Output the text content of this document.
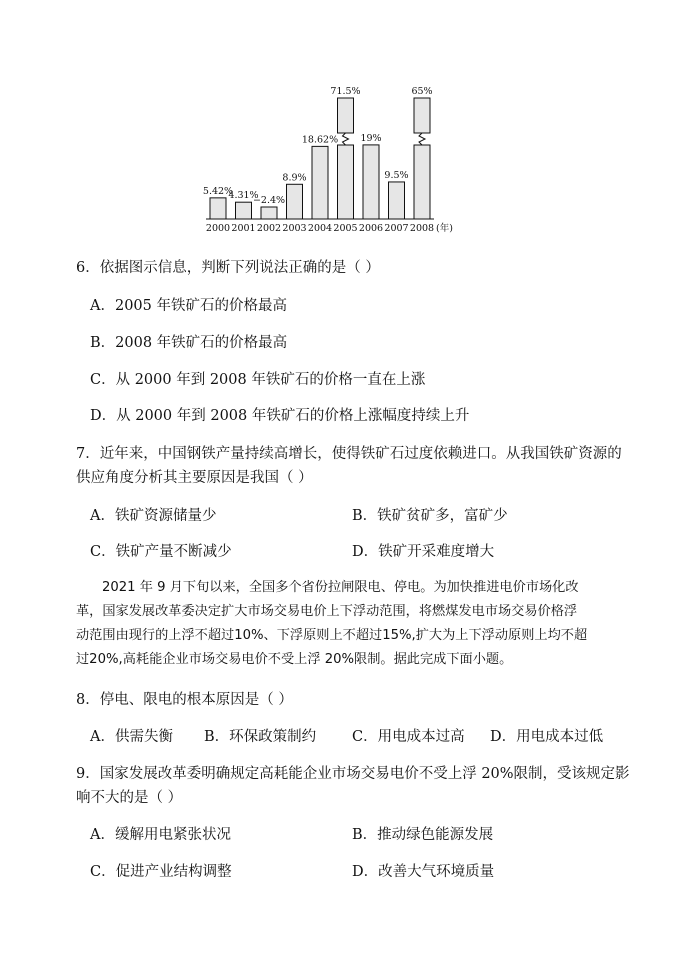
5.42%
2000
4.31%
2001
−2.4%
2002
8.9%
2003
18.62%
2004
71.5%
2005
19%
2006
9.5%
2007
65%
2008 (年)
6．依据图示信息，判断下列说法正确的是（ ）
A．2005 年铁矿石的价格最高
B．2008 年铁矿石的价格最高
C．从 2000 年到 2008 年铁矿石的价格一直在上涨
D．从 2000 年到 2008 年铁矿石的价格上涨幅度持续上升
7．近年来，中国钢铁产量持续高增长，使得铁矿石过度依赖进口。从我国铁矿资源的
供应角度分析其主要原因是我国（ ）
A．铁矿资源储量少	B．铁矿贫矿多，富矿少
C．铁矿产量不断减少	D．铁矿开采难度增大
2021 年 9 月下旬以来，全国多个省份拉闸限电、停电。为加快推进电价市场化改
革，国家发展改革委决定扩大市场交易电价上下浮动范围，将燃煤发电市场交易价格浮
动范围由现行的上浮不超过10%、下浮原则上不超过15%,扩大为上下浮动原则上均不超
过20%,高耗能企业市场交易电价不受上浮 20%限制。据此完成下面小题。
8．停电、限电的根本原因是（ ）
A．供需失衡 B．环保政策制约 C．用电成本过高 D．用电成本过低
9．国家发展改革委明确规定高耗能企业市场交易电价不受上浮 20%限制，受该规定影
响不大的是（ ）
A．缓解用电紧张状况	B．推动绿色能源发展
C．促进产业结构调整	D．改善大气环境质量
